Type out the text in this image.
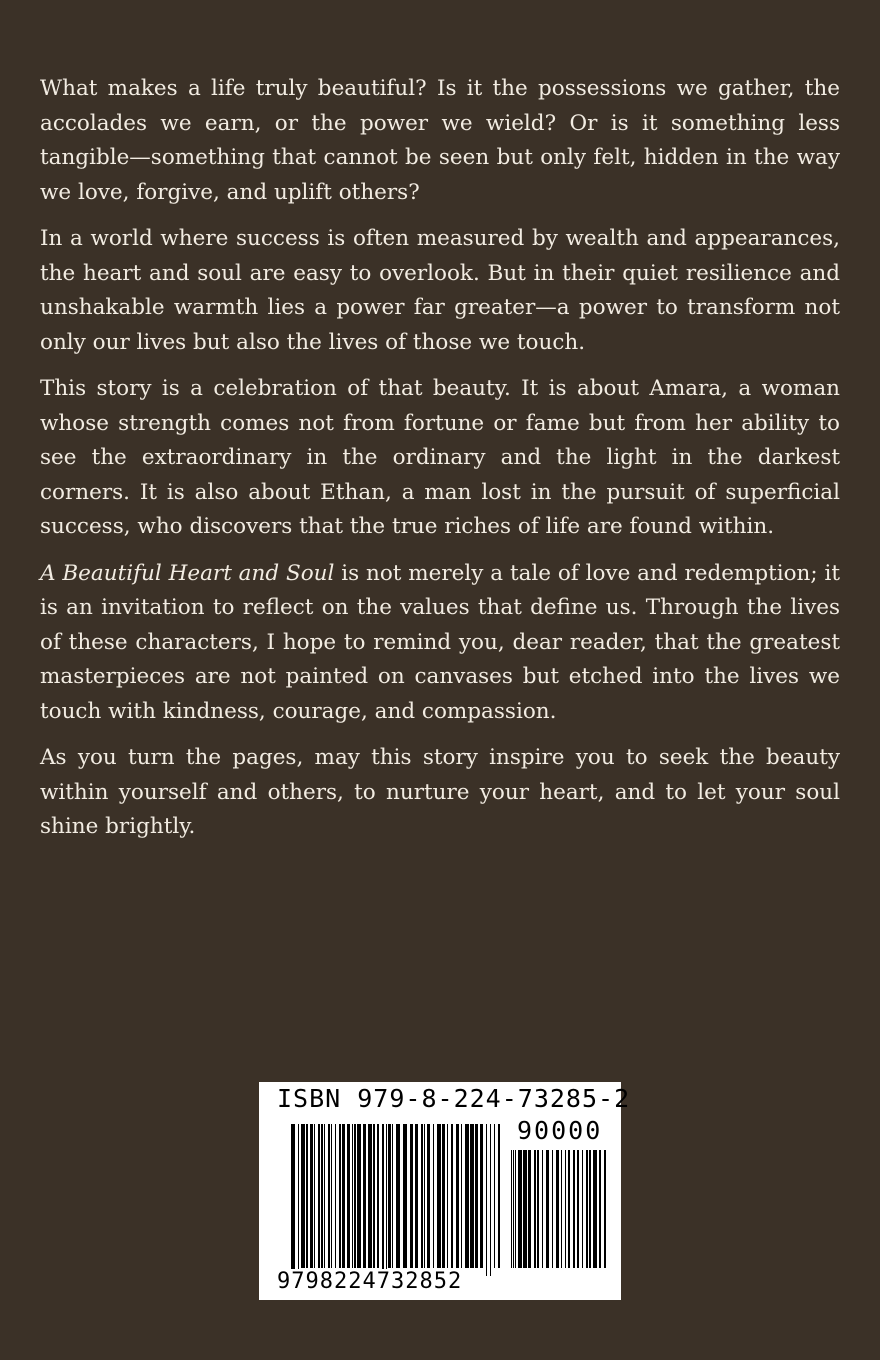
What makes a life truly beautiful? Is it the possessions we gather, the accolades we earn, or the power we wield? Or is it something less tangible—something that cannot be seen but only felt, hidden in the way we love, forgive, and uplift others?

In a world where success is often measured by wealth and appearances, the heart and soul are easy to overlook. But in their quiet resilience and unshakable warmth lies a power far greater—a power to transform not only our lives but also the lives of those we touch.

This story is a celebration of that beauty. It is about Amara, a woman whose strength comes not from fortune or fame but from her ability to see the extraordinary in the ordinary and the light in the darkest corners. It is also about Ethan, a man lost in the pursuit of superficial success, who discovers that the true riches of life are found within.

A Beautiful Heart and Soul is not merely a tale of love and redemption; it is an invitation to reflect on the values that define us. Through the lives of these characters, I hope to remind you, dear reader, that the greatest masterpieces are not painted on canvases but etched into the lives we touch with kindness, courage, and compassion.

As you turn the pages, may this story inspire you to seek the beauty within yourself and others, to nurture your heart, and to let your soul shine brightly.

ISBN 979-8-224-73285-2
90000
9798224732852
